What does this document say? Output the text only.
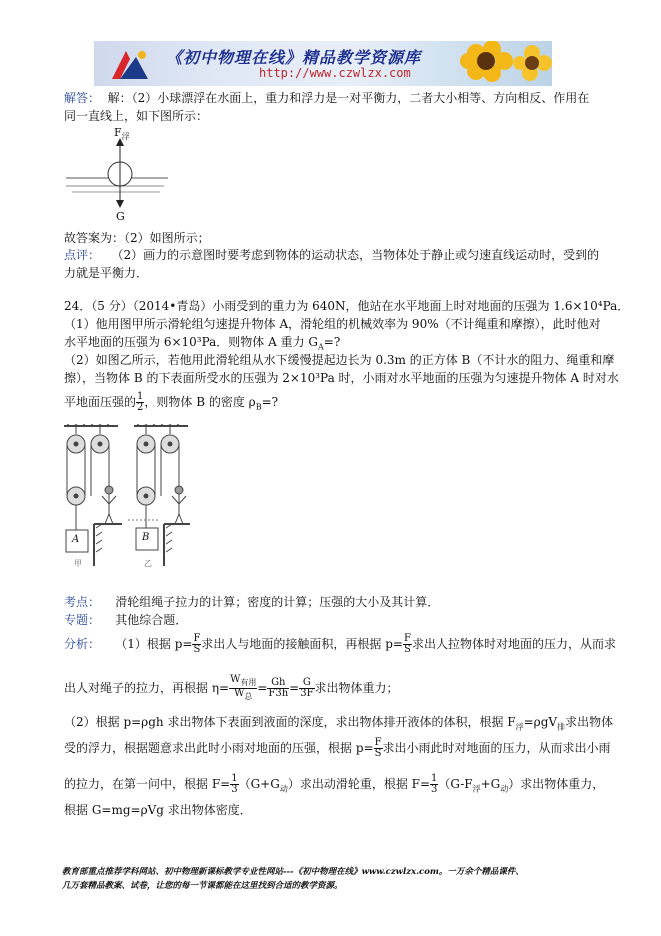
《初中物理在线》精品教学资源库
http://www.czwlzx.com
解答： 解：（2）小球漂浮在水面上，重力和浮力是一对平衡力，二者大小相等、方向相反、作用在
同一直线上，如下图所示：
$F_浮$
G
故答案为：（2）如图所示；
点评： （2）画力的示意图时要考虑到物体的运动状态，当物体处于静止或匀速直线运动时，受到的
力就是平衡力．
24．（5 分）（2014•青岛）小雨受到的重力为 640N，他站在水平地面上时对地面的压强为 1.6×10⁴Pa．
（1）他用图甲所示滑轮组匀速提升物体 A，滑轮组的机械效率为 90%（不计绳重和摩擦），此时他对
水平地面的压强为 6×10³Pa．则物体 A 重力 $G_A=$?
（2）如图乙所示，若他用此滑轮组从水下缓慢提起边长为 0.3m 的正方体 B（不计水的阻力、绳重和摩
擦），当物体 B 的下表面所受水的压强为 2×10³Pa 时，小雨对水平地面的压强为匀速提升物体 A 时对水
平地面压强的 $\frac{1}{2}$ ，则物体 B 的密度 $\rho_B=$?
A	B
甲	乙
考点： 滑轮组绳子拉力的计算；密度的计算；压强的大小及其计算．
专题： 其他综合题．
分析： （1）根据 $p= \frac{F}{S}$ 求出人与地面的接触面积，再根据 $p= \frac{F}{S}$ 求出人拉物体时对地面的压力，从而求
出人对绳子的拉力，再根据 $\eta= \frac{W_{有用}}{W_总} = \frac{Gh}{F3h} = \frac{G}{3F}$ 求出物体重力；
（2）根据 p=ρgh 求出物体下表面到液面的深度，求出物体排开液体的体积，根据 $F_浮=\rho gV_排$求出物体
受的浮力，根据题意求出此时小雨对地面的压强，根据 $p= \frac{F}{S}$ 求出小雨此时对地面的压力，从而求出小雨
的拉力，在第一问中，根据 $F= \frac{1}{3} (G+G_动)$求出动滑轮重，根据 $F= \frac{1}{3} (G-F_浮+G_动)$求出物体重力，
根据 G=mg=ρVg 求出物体密度．
教育部重点推荐学科网站、初中物理新课标教学专业性网站---《初中物理在线》www.czwlzx.com。一万余个精品课件、
几万套精品教案、试卷，让您的每一节课都能在这里找到合适的教学资源。
